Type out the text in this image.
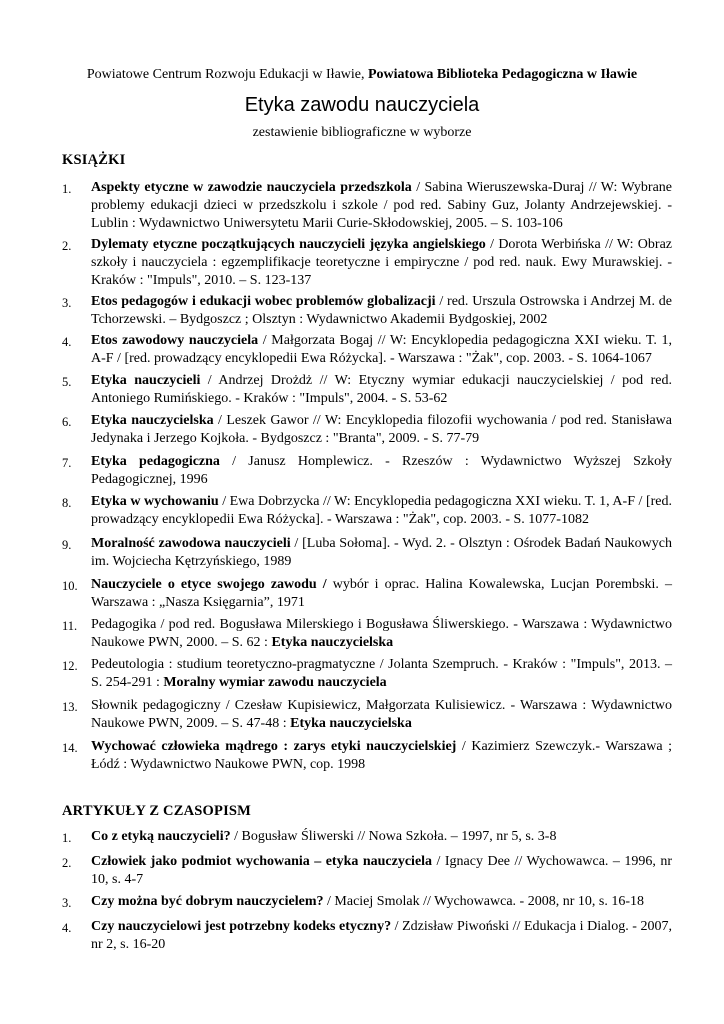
Powiatowe Centrum Rozwoju Edukacji w Iławie, Powiatowa Biblioteka Pedagogiczna w Iławie
Etyka zawodu nauczyciela
zestawienie bibliograficzne w wyborze
KSIĄŻKI
1.	Aspekty etyczne w zawodzie nauczyciela przedszkola / Sabina Wieruszewska-Duraj // W: Wybrane problemy edukacji dzieci w przedszkolu i szkole / pod red. Sabiny Guz, Jolanty Andrzejewskiej. - Lublin : Wydawnictwo Uniwersytetu Marii Curie-Skłodowskiej, 2005. – S. 103-106
2.	Dylematy etyczne początkujących nauczycieli języka angielskiego / Dorota Werbińska // W: Obraz szkoły i nauczyciela : egzemplifikacje teoretyczne i empiryczne / pod red. nauk. Ewy Murawskiej. - Kraków : "Impuls", 2010. – S. 123-137
3.	Etos pedagogów i edukacji wobec problemów globalizacji / red. Urszula Ostrowska i Andrzej M. de Tchorzewski. – Bydgoszcz ; Olsztyn : Wydawnictwo Akademii Bydgoskiej, 2002
4.	Etos zawodowy nauczyciela / Małgorzata Bogaj // W: Encyklopedia pedagogiczna XXI wieku. T. 1, A-F / [red. prowadzący encyklopedii Ewa Różycka]. - Warszawa : "Żak", cop. 2003. - S. 1064-1067
5.	Etyka nauczycieli / Andrzej Drożdż // W: Etyczny wymiar edukacji nauczycielskiej / pod red. Antoniego Rumińskiego. - Kraków : "Impuls", 2004. - S. 53-62
6.	Etyka nauczycielska / Leszek Gawor // W: Encyklopedia filozofii wychowania / pod red. Stanisława Jedynaka i Jerzego Kojkoła. - Bydgoszcz : "Branta", 2009. - S. 77-79
7.	Etyka pedagogiczna / Janusz Homplewicz. - Rzeszów : Wydawnictwo Wyższej Szkoły Pedagogicznej, 1996
8.	Etyka w wychowaniu / Ewa Dobrzycka // W: Encyklopedia pedagogiczna XXI wieku. T. 1, A-F / [red. prowadzący encyklopedii Ewa Różycka]. - Warszawa : "Żak", cop. 2003. - S. 1077-1082
9.	Moralność zawodowa nauczycieli / [Luba Sołoma]. - Wyd. 2. - Olsztyn : Ośrodek Badań Naukowych im. Wojciecha Kętrzyńskiego, 1989
10. Nauczyciele o etyce swojego zawodu / wybór i oprac. Halina Kowalewska, Lucjan Porembski. – Warszawa : „Nasza Księgarnia”, 1971
11. Pedagogika / pod red. Bogusława Milerskiego i Bogusława Śliwerskiego. - Warszawa : Wydawnictwo Naukowe PWN, 2000. – S. 62 : Etyka nauczycielska
12. Pedeutologia : studium teoretyczno-pragmatyczne / Jolanta Szempruch. - Kraków : "Impuls", 2013. – S. 254-291 : Moralny wymiar zawodu nauczyciela
13. Słownik pedagogiczny / Czesław Kupisiewicz, Małgorzata Kulisiewicz. - Warszawa : Wydawnictwo Naukowe PWN, 2009. – S. 47-48 : Etyka nauczycielska
14. Wychować człowieka mądrego : zarys etyki nauczycielskiej / Kazimierz Szewczyk.- Warszawa ; Łódź : Wydawnictwo Naukowe PWN, cop. 1998
ARTYKUŁY Z CZASOPISM
1.	Co z etyką nauczycieli? / Bogusław Śliwerski // Nowa Szkoła. – 1997, nr 5, s. 3-8
2.	Człowiek jako podmiot wychowania – etyka nauczyciela / Ignacy Dee // Wychowawca. – 1996, nr 10, s. 4-7
3.	Czy można być dobrym nauczycielem? / Maciej Smolak // Wychowawca. - 2008, nr 10, s. 16-18
4.	Czy nauczycielowi jest potrzebny kodeks etyczny? / Zdzisław Piwoński // Edukacja i Dialog. - 2007, nr 2, s. 16-20
